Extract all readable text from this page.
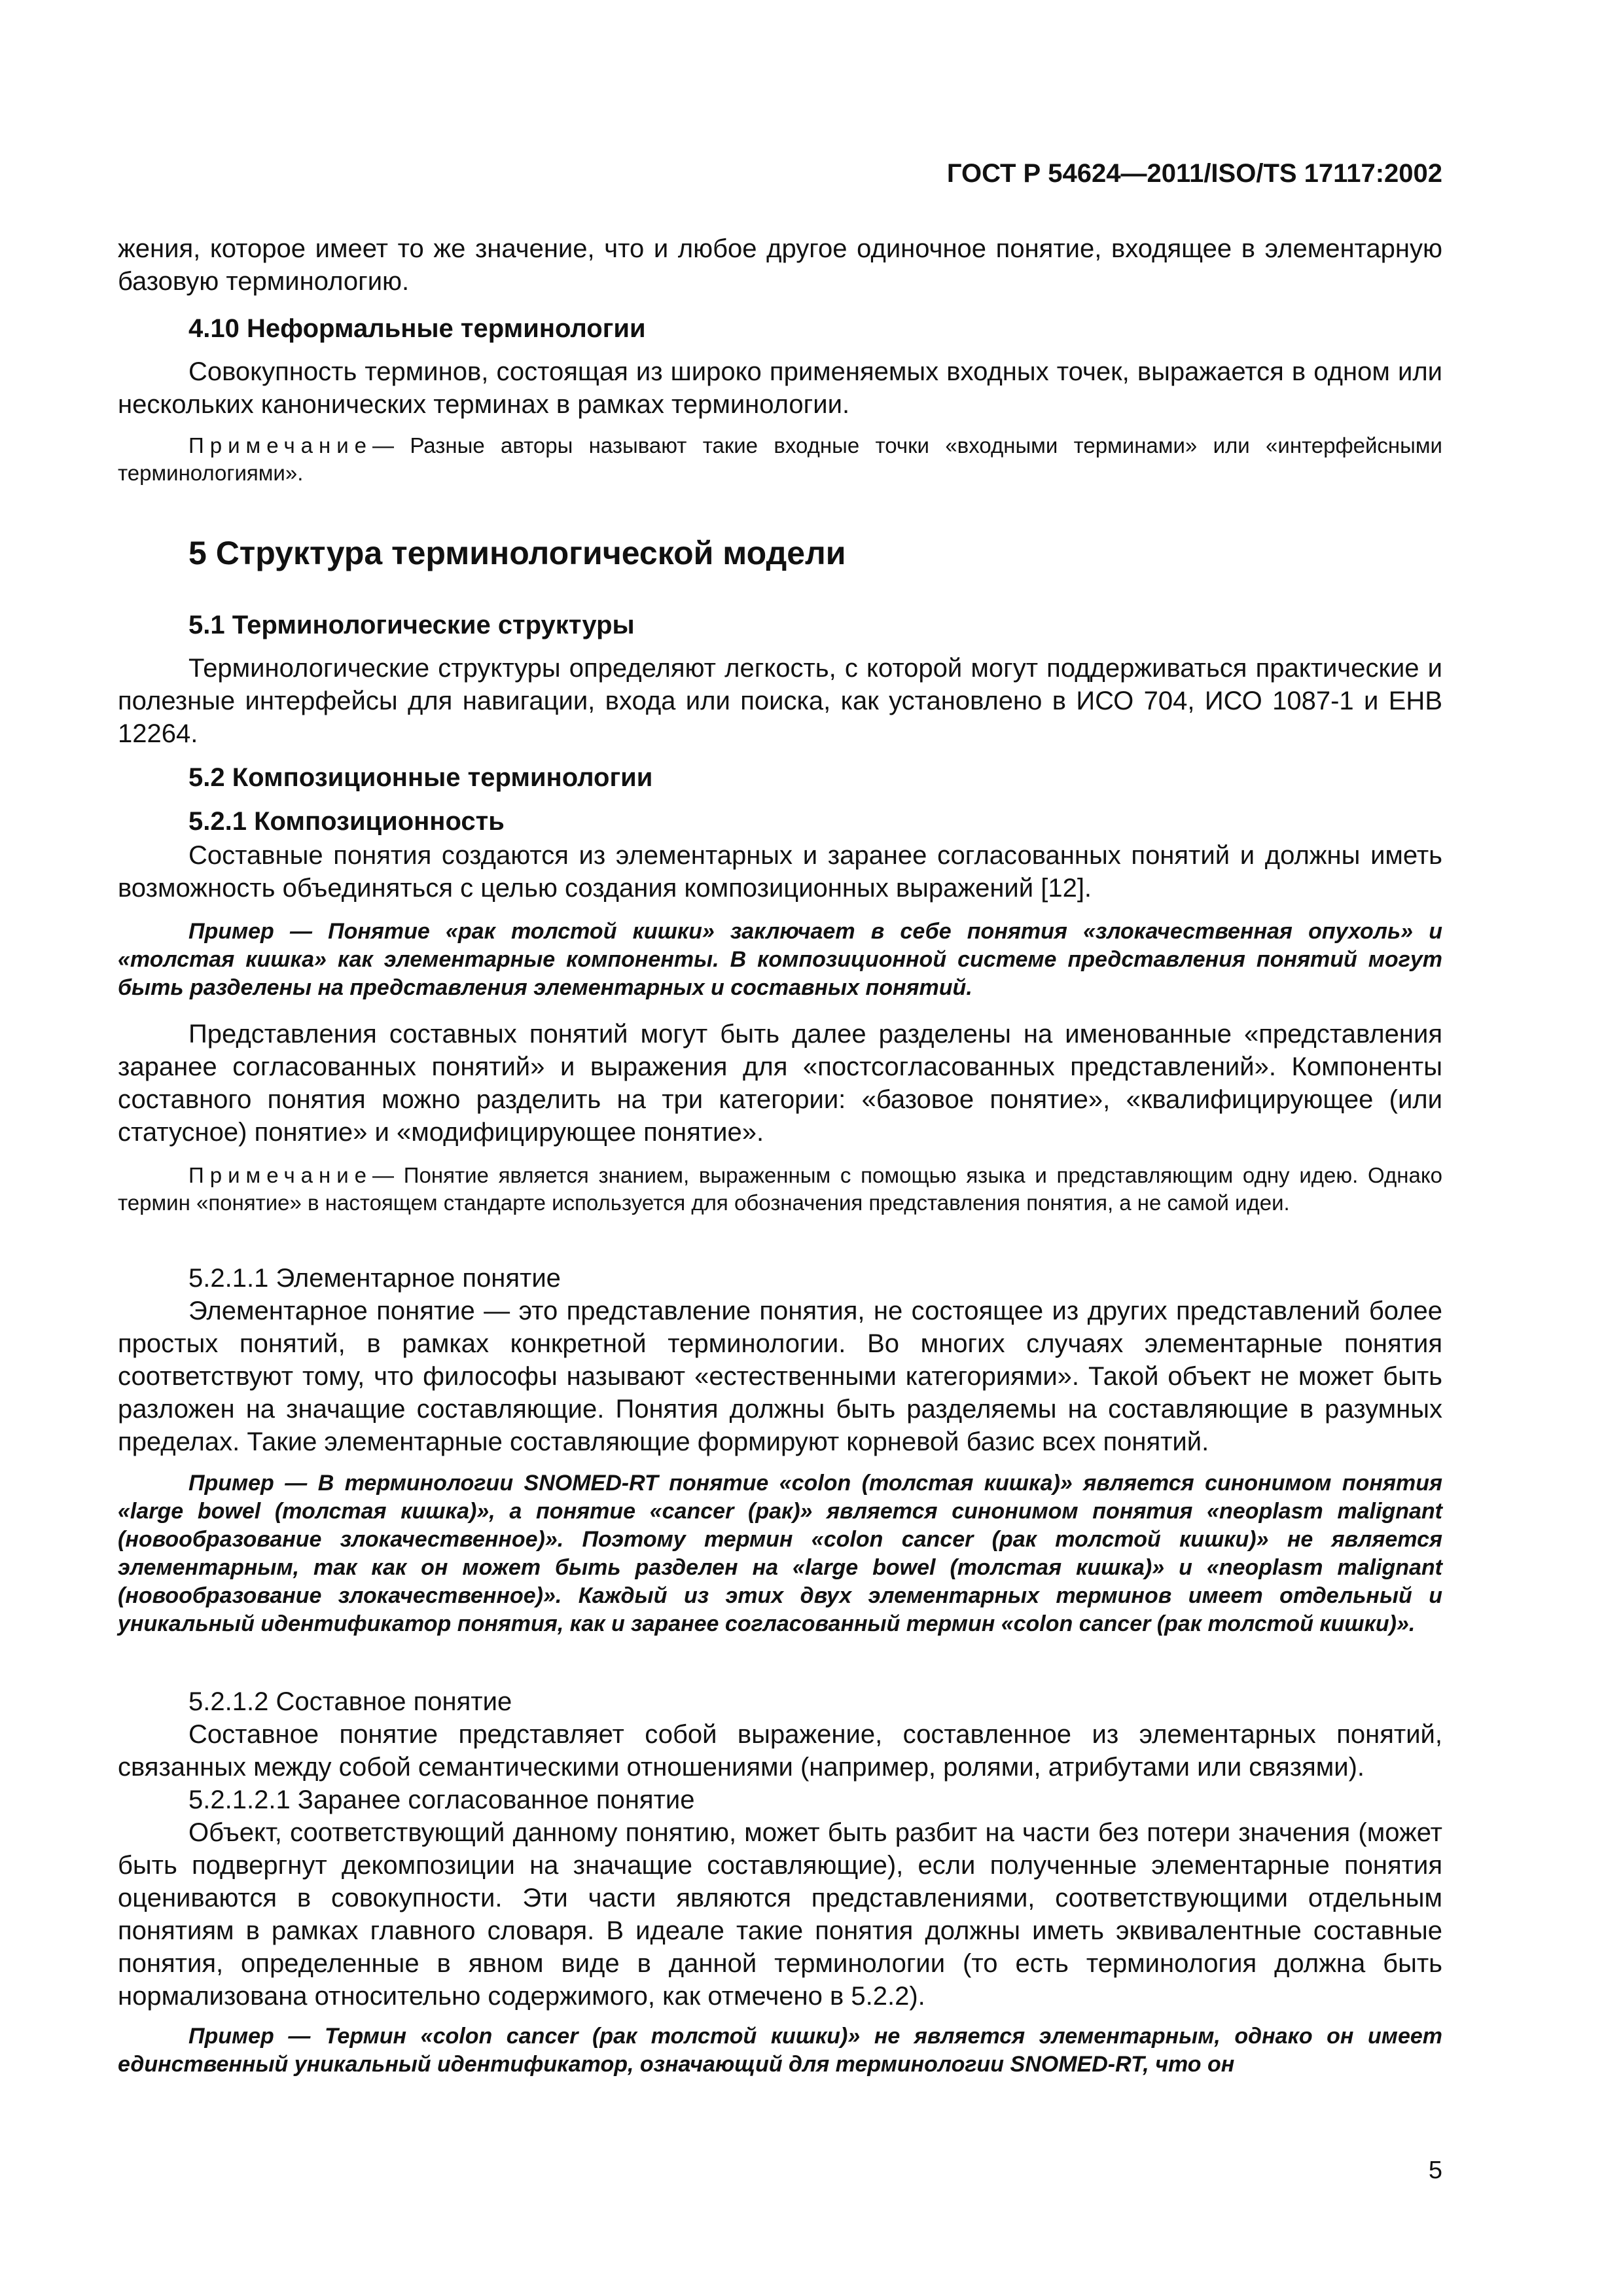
ГОСТ Р 54624—2011/ISO/TS 17117:2002

жения, которое имеет то же значение, что и любое другое одиночное понятие, входящее в элементарную базовую терминологию.

4.10 Неформальные терминологии

Совокупность терминов, состоящая из широко применяемых входных точек, выражается в одном или нескольких канонических терминах в рамках терминологии.

Примечание— Разные авторы называют такие входные точки «входными терминами» или «интерфейсными терминологиями».

5 Структура терминологической модели

5.1 Терминологические структуры

Терминологические структуры определяют легкость, с которой могут поддерживаться практические и полезные интерфейсы для навигации, входа или поиска, как установлено в ИСО 704, ИСО 1087-1 и ЕНВ 12264.

5.2 Композиционные терминологии

5.2.1 Композиционность

Составные понятия создаются из элементарных и заранее согласованных понятий и должны иметь возможность объединяться с целью создания композиционных выражений [12].

Пример — Понятие «рак толстой кишки» заключает в себе понятия «злокачественная опухоль» и «толстая кишка» как элементарные компоненты. В композиционной системе представления понятий могут быть разделены на представления элементарных и составных понятий.

Представления составных понятий могут быть далее разделены на именованные «представления заранее согласованных понятий» и выражения для «постсогласованных представлений». Компоненты составного понятия можно разделить на три категории: «базовое понятие», «квалифицирующее (или статусное) понятие» и «модифицирующее понятие».

Примечание— Понятие является знанием, выраженным с помощью языка и представляющим одну идею. Однако термин «понятие» в настоящем стандарте используется для обозначения представления понятия, а не самой идеи.

5.2.1.1 Элементарное понятие

Элементарное понятие — это представление понятия, не состоящее из других представлений более простых понятий, в рамках конкретной терминологии. Во многих случаях элементарные понятия соответствуют тому, что философы называют «естественными категориями». Такой объект не может быть разложен на значащие составляющие. Понятия должны быть разделяемы на составляющие в разумных пределах. Такие элементарные составляющие формируют корневой базис всех понятий.

Пример — В терминологии SNOMED-RT понятие «colon (толстая кишка)» является синонимом понятия «large bowel (толстая кишка)», а понятие «cancer (рак)» является синонимом понятия «neoplasm malignant (новообразование злокачественное)». Поэтому термин «colon cancer (рак толстой кишки)» не является элементарным, так как он может быть разделен на «large bowel (толстая кишка)» и «neoplasm malignant (новообразование злокачественное)». Каждый из этих двух элементарных терминов имеет отдельный и уникальный идентификатор понятия, как и заранее согласованный термин «colon cancer (рак толстой кишки)».

5.2.1.2 Составное понятие

Составное понятие представляет собой выражение, составленное из элементарных понятий, связанных между собой семантическими отношениями (например, ролями, атрибутами или связями).

5.2.1.2.1 Заранее согласованное понятие

Объект, соответствующий данному понятию, может быть разбит на части без потери значения (может быть подвергнут декомпозиции на значащие составляющие), если полученные элементарные понятия оцениваются в совокупности. Эти части являются представлениями, соответствующими отдельным понятиям в рамках главного словаря. В идеале такие понятия должны иметь эквивалентные составные понятия, определенные в явном виде в данной терминологии (то есть терминология должна быть нормализована относительно содержимого, как отмечено в 5.2.2).

Пример — Термин «colon cancer (рак толстой кишки)» не является элементарным, однако он имеет единственный уникальный идентификатор, означающий для терминологии SNOMED-RT, что он

5
